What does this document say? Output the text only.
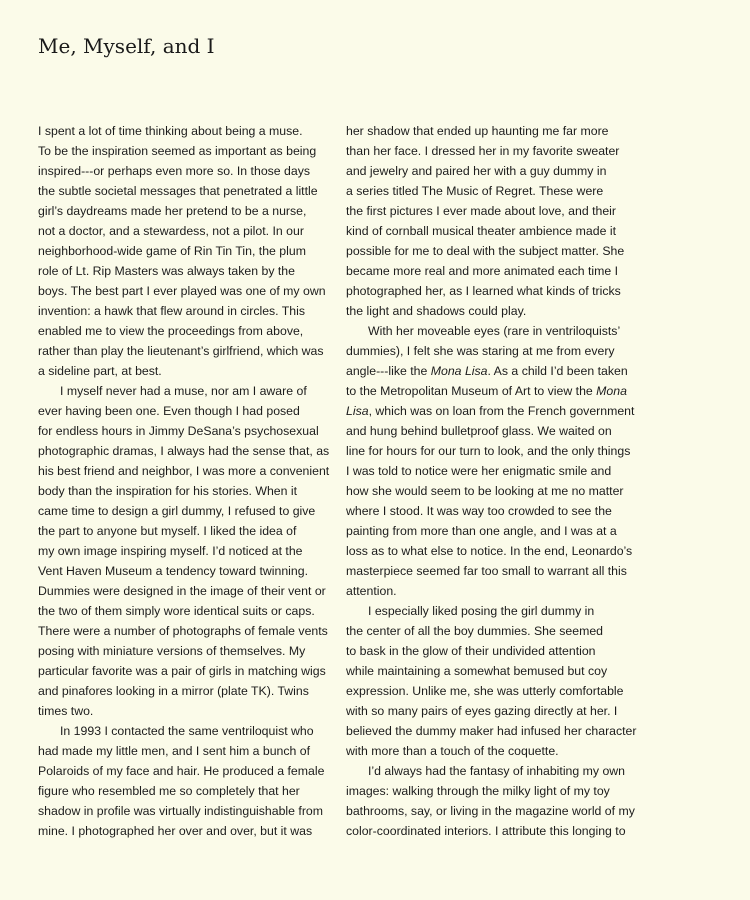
Me, Myself, and I
I spent a lot of time thinking about being a muse.
To be the inspiration seemed as important as being
inspired---or perhaps even more so. In those days
the subtle societal messages that penetrated a little
girl’s daydreams made her pretend to be a nurse,
not a doctor, and a stewardess, not a pilot. In our
neighborhood-wide game of Rin Tin Tin, the plum
role of Lt. Rip Masters was always taken by the
boys. The best part I ever played was one of my own
invention: a hawk that flew around in circles. This
enabled me to view the proceedings from above,
rather than play the lieutenant’s girlfriend, which was
a sideline part, at best.
I myself never had a muse, nor am I aware of
ever having been one. Even though I had posed
for endless hours in Jimmy DeSana’s psychosexual
photographic dramas, I always had the sense that, as
his best friend and neighbor, I was more a convenient
body than the inspiration for his stories. When it
came time to design a girl dummy, I refused to give
the part to anyone but myself. I liked the idea of
my own image inspiring myself. I’d noticed at the
Vent Haven Museum a tendency toward twinning.
Dummies were designed in the image of their vent or
the two of them simply wore identical suits or caps.
There were a number of photographs of female vents
posing with miniature versions of themselves. My
particular favorite was a pair of girls in matching wigs
and pinafores looking in a mirror (plate TK). Twins
times two.
In 1993 I contacted the same ventriloquist who
had made my little men, and I sent him a bunch of
Polaroids of my face and hair. He produced a female
figure who resembled me so completely that her
shadow in profile was virtually indistinguishable from
mine. I photographed her over and over, but it was
her shadow that ended up haunting me far more
than her face. I dressed her in my favorite sweater
and jewelry and paired her with a guy dummy in
a series titled The Music of Regret. These were
the first pictures I ever made about love, and their
kind of cornball musical theater ambience made it
possible for me to deal with the subject matter. She
became more real and more animated each time I
photographed her, as I learned what kinds of tricks
the light and shadows could play.
With her moveable eyes (rare in ventriloquists’
dummies), I felt she was staring at me from every
angle---like the Mona Lisa. As a child I’d been taken
to the Metropolitan Museum of Art to view the Mona
Lisa, which was on loan from the French government
and hung behind bulletproof glass. We waited on
line for hours for our turn to look, and the only things
I was told to notice were her enigmatic smile and
how she would seem to be looking at me no matter
where I stood. It was way too crowded to see the
painting from more than one angle, and I was at a
loss as to what else to notice. In the end, Leonardo’s
masterpiece seemed far too small to warrant all this
attention.
I especially liked posing the girl dummy in
the center of all the boy dummies. She seemed
to bask in the glow of their undivided attention
while maintaining a somewhat bemused but coy
expression. Unlike me, she was utterly comfortable
with so many pairs of eyes gazing directly at her. I
believed the dummy maker had infused her character
with more than a touch of the coquette.
I’d always had the fantasy of inhabiting my own
images: walking through the milky light of my toy
bathrooms, say, or living in the magazine world of my
color-coordinated interiors. I attribute this longing to
